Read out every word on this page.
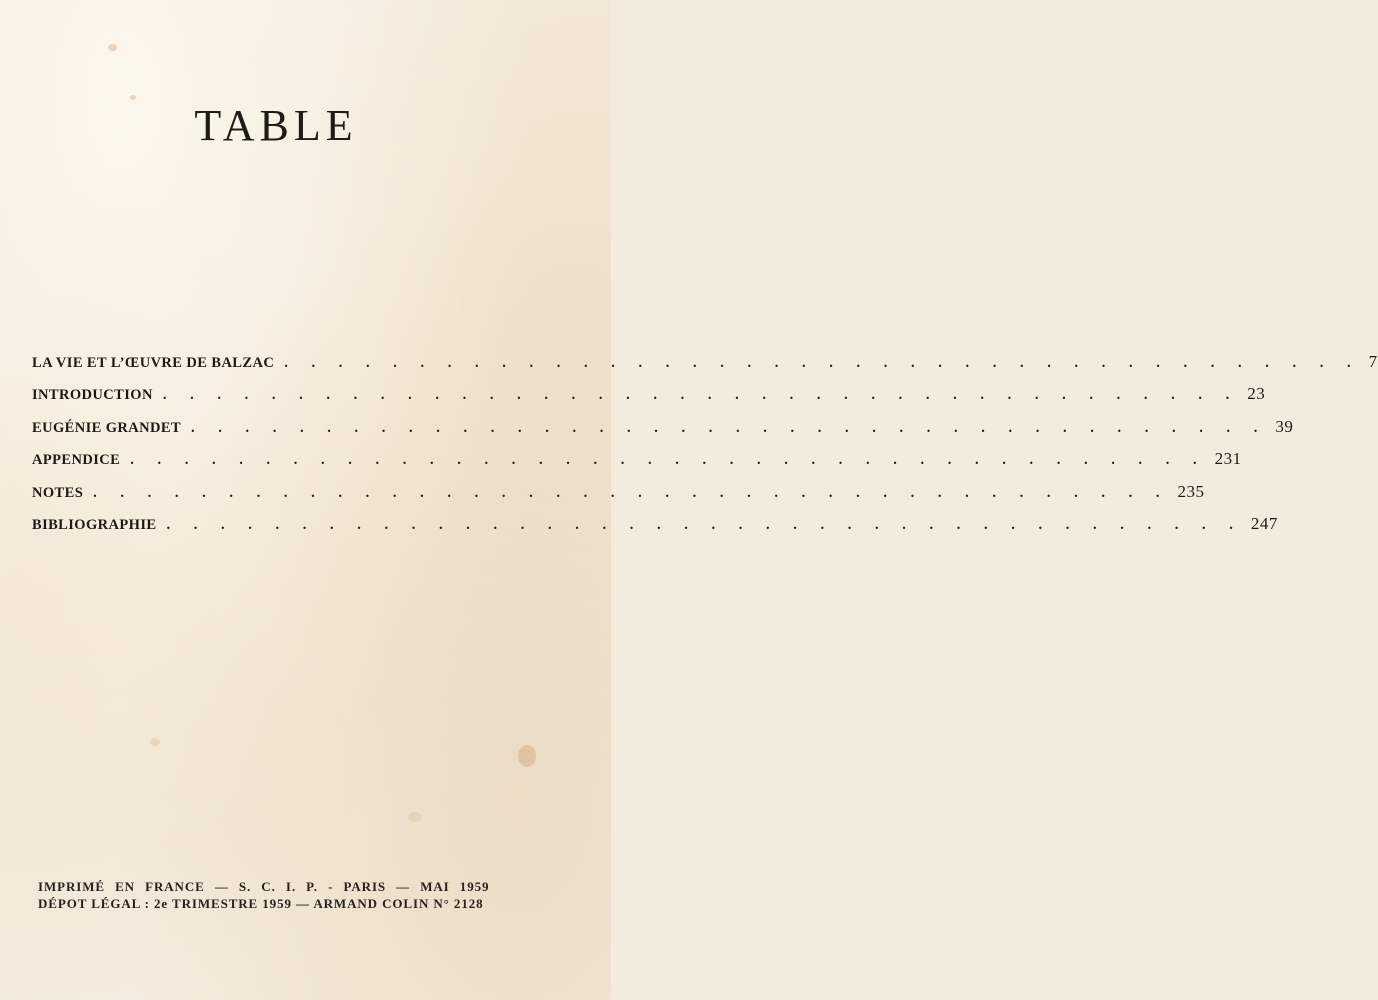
TABLE
LA VIE ET L’ŒUVRE DE BALZAC . . . . . . . . . . . . . . . . . . . . . . . . . . . . . . . . . . . . . . . . 7
INTRODUCTION . . . . . . . . . . . . . . . . . . . . . . . . . . . . . . . . . . . . . . . . 23
EUGÉNIE GRANDET . . . . . . . . . . . . . . . . . . . . . . . . . . . . . . . . . . . . . . . . 39
APPENDICE . . . . . . . . . . . . . . . . . . . . . . . . . . . . . . . . . . . . . . . . 231
NOTES . . . . . . . . . . . . . . . . . . . . . . . . . . . . . . . . . . . . . . . . 235
BIBLIOGRAPHIE . . . . . . . . . . . . . . . . . . . . . . . . . . . . . . . . . . . . . . . . 247
IMPRIMÉ EN FRANCE — S. C. I. P. - PARIS — MAI 1959
DÉPOT LÉGAL : 2e TRIMESTRE 1959 — ARMAND COLIN N° 2128
